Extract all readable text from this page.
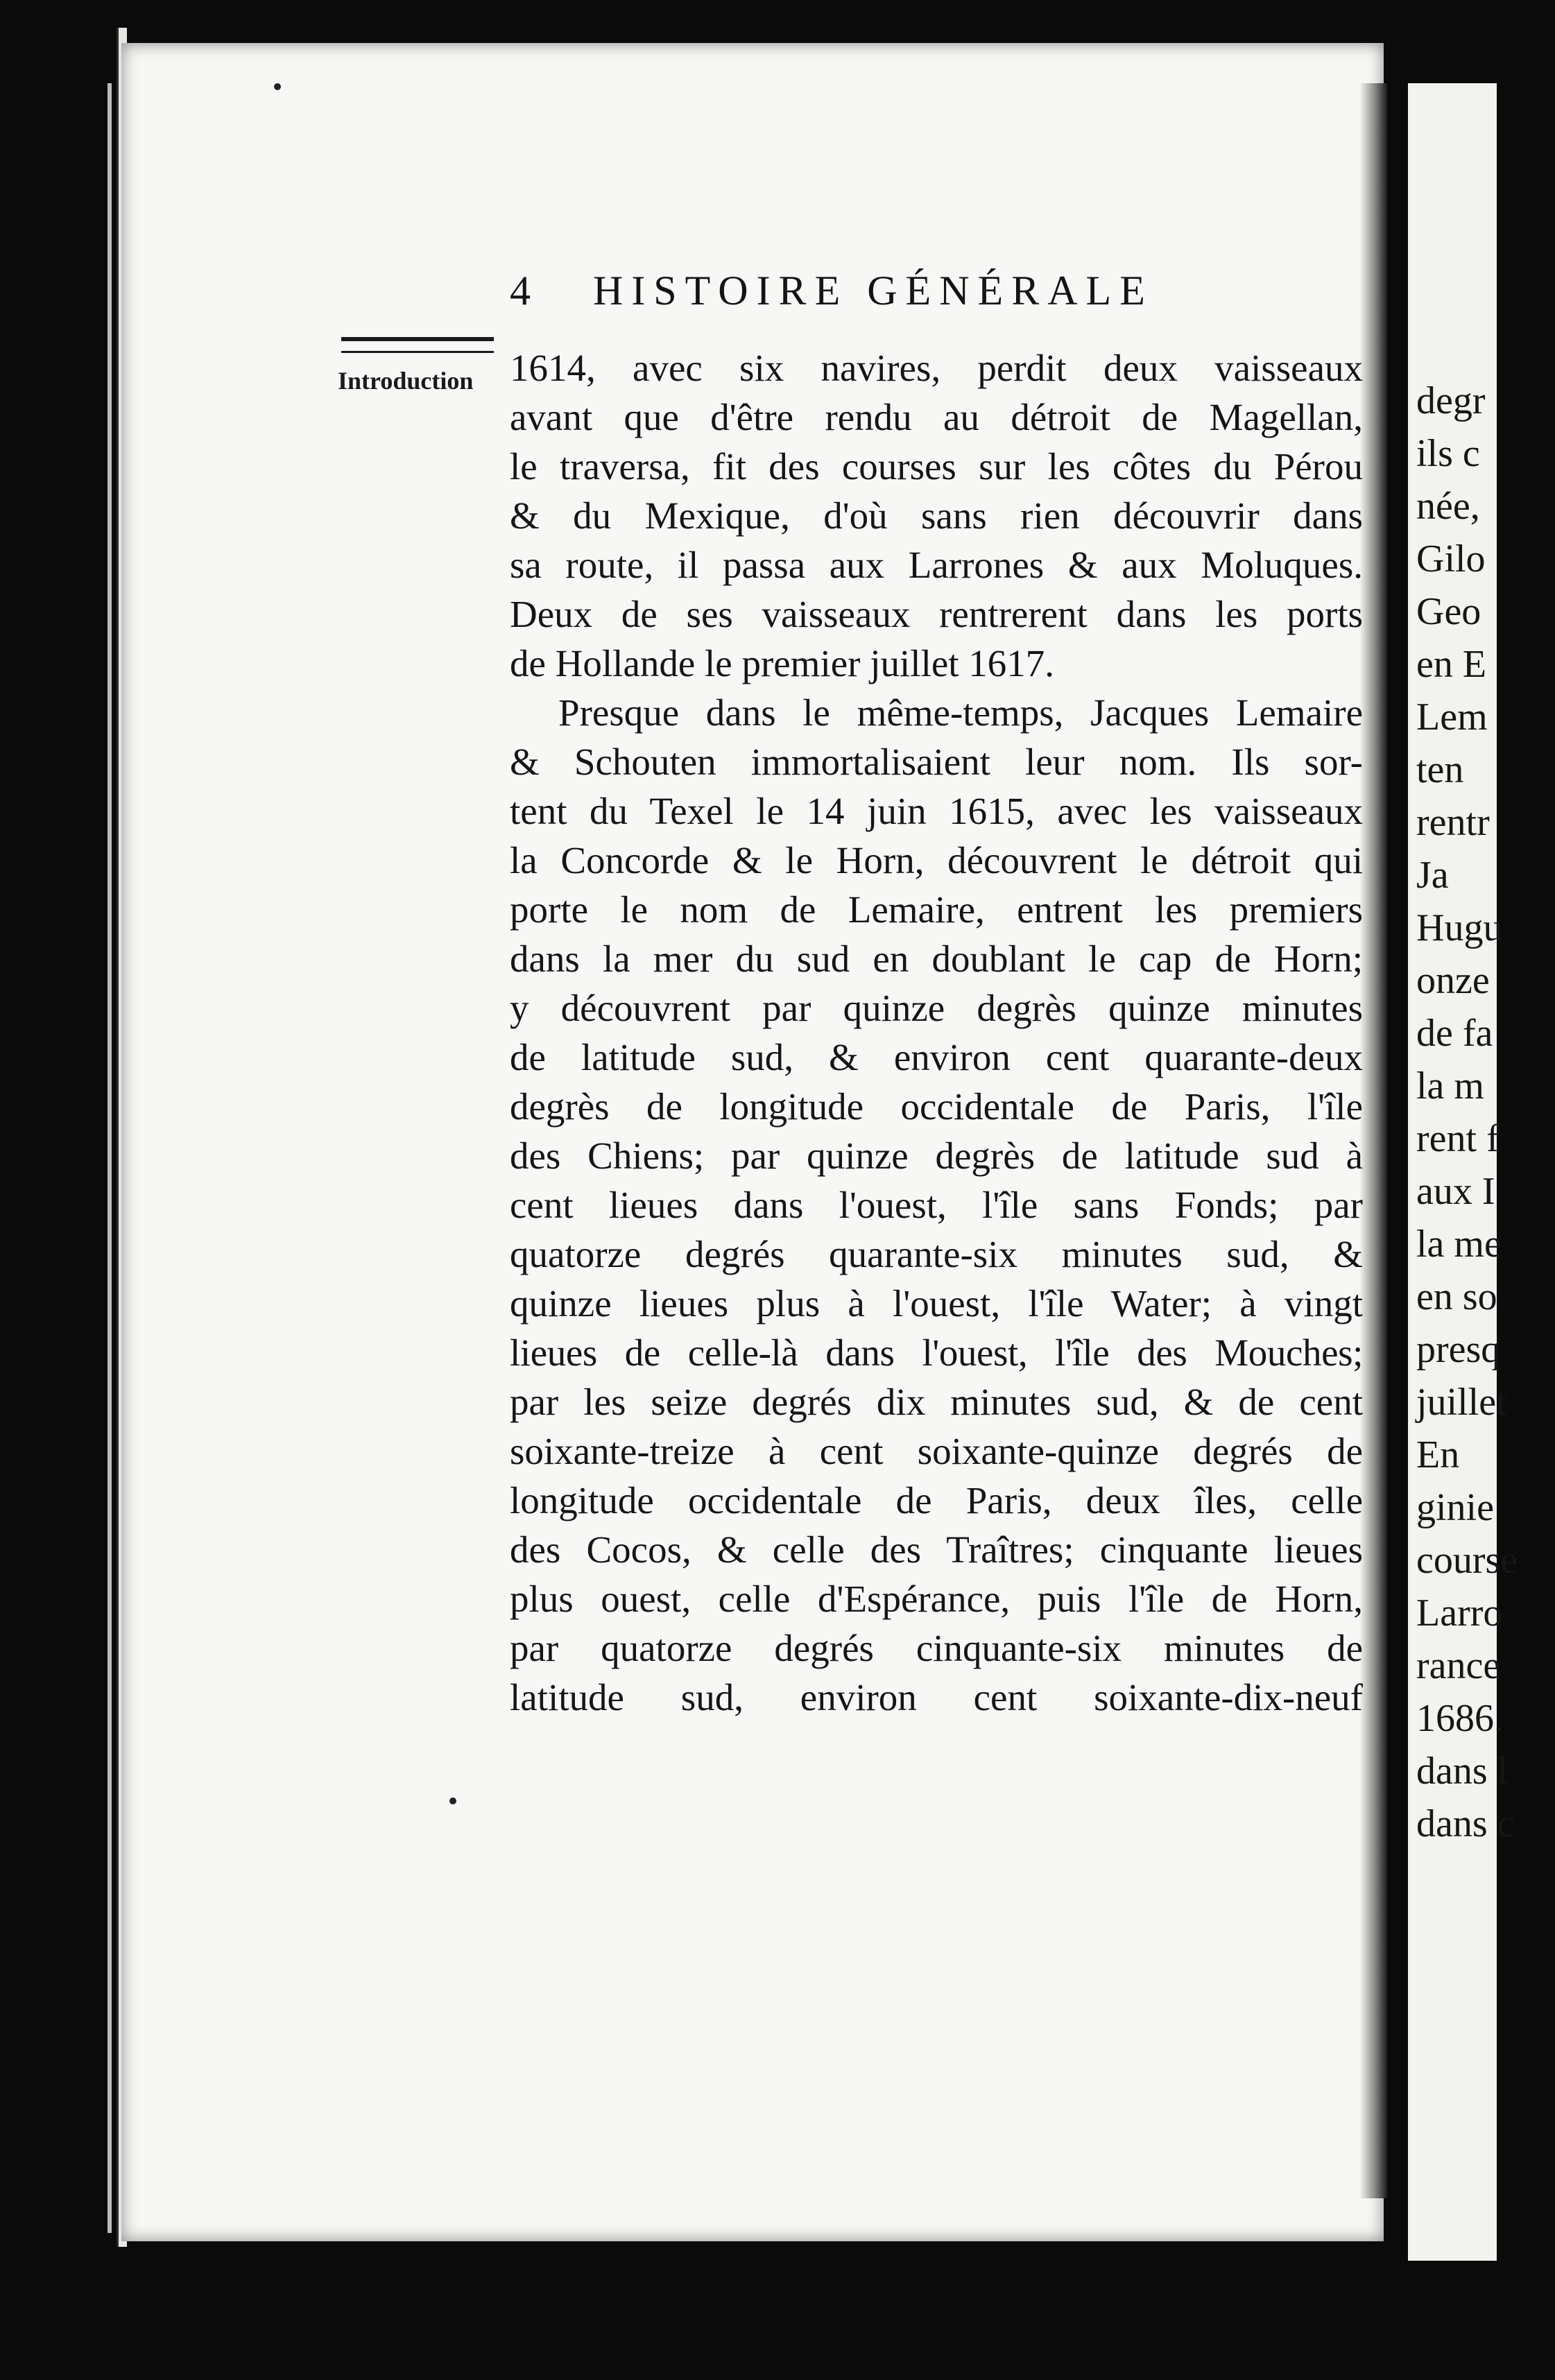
4 HISTOIRE GÉNÉRALE
Introduction 1614, avec six navires, perdit deux vaisseaux
avant que d'être rendu au détroit de Magellan,
le traversa, fit des courses sur les côtes du Pérou
& du Mexique, d'où sans rien découvrir dans
sa route, il passa aux Larrones & aux Moluques.
Deux de ses vaisseaux rentrerent dans les ports
de Hollande le premier juillet 1617.
Presque dans le même-temps, Jacques Lemaire
& Schouten immortalisaient leur nom. Ils sor-
tent du Texel le 14 juin 1615, avec les vaisseaux
la Concorde & le Horn, découvrent le détroit qui
porte le nom de Lemaire, entrent les premiers
dans la mer du sud en doublant le cap de Horn;
y découvrent par quinze degrès quinze minutes
de latitude sud, & environ cent quarante-deux
degrès de longitude occidentale de Paris, l'île
des Chiens; par quinze degrès de latitude sud à
cent lieues dans l'ouest, l'île sans Fonds; par
quatorze degrés quarante-six minutes sud, &
quinze lieues plus à l'ouest, l'île Water; à vingt
lieues de celle-là dans l'ouest, l'île des Mouches;
par les seize degrés dix minutes sud, & de cent
soixante-treize à cent soixante-quinze degrés de
longitude occidentale de Paris, deux îles, celle
des Cocos, & celle des Traîtres; cinquante lieues
plus ouest, celle d'Espérance, puis l'île de Horn,
par quatorze degrés cinquante-six minutes de
latitude sud, environ cent soixante-dix-neuf
degr
ils c
née,
Gilo
Geo
en E
Lem
ten
rentr
Ja
Hugu
onze
de fa
la m
rent f
aux I
la me
en so
presq
juillet
En
ginie
course
Larro
rance
1686.
dans l
dans c
